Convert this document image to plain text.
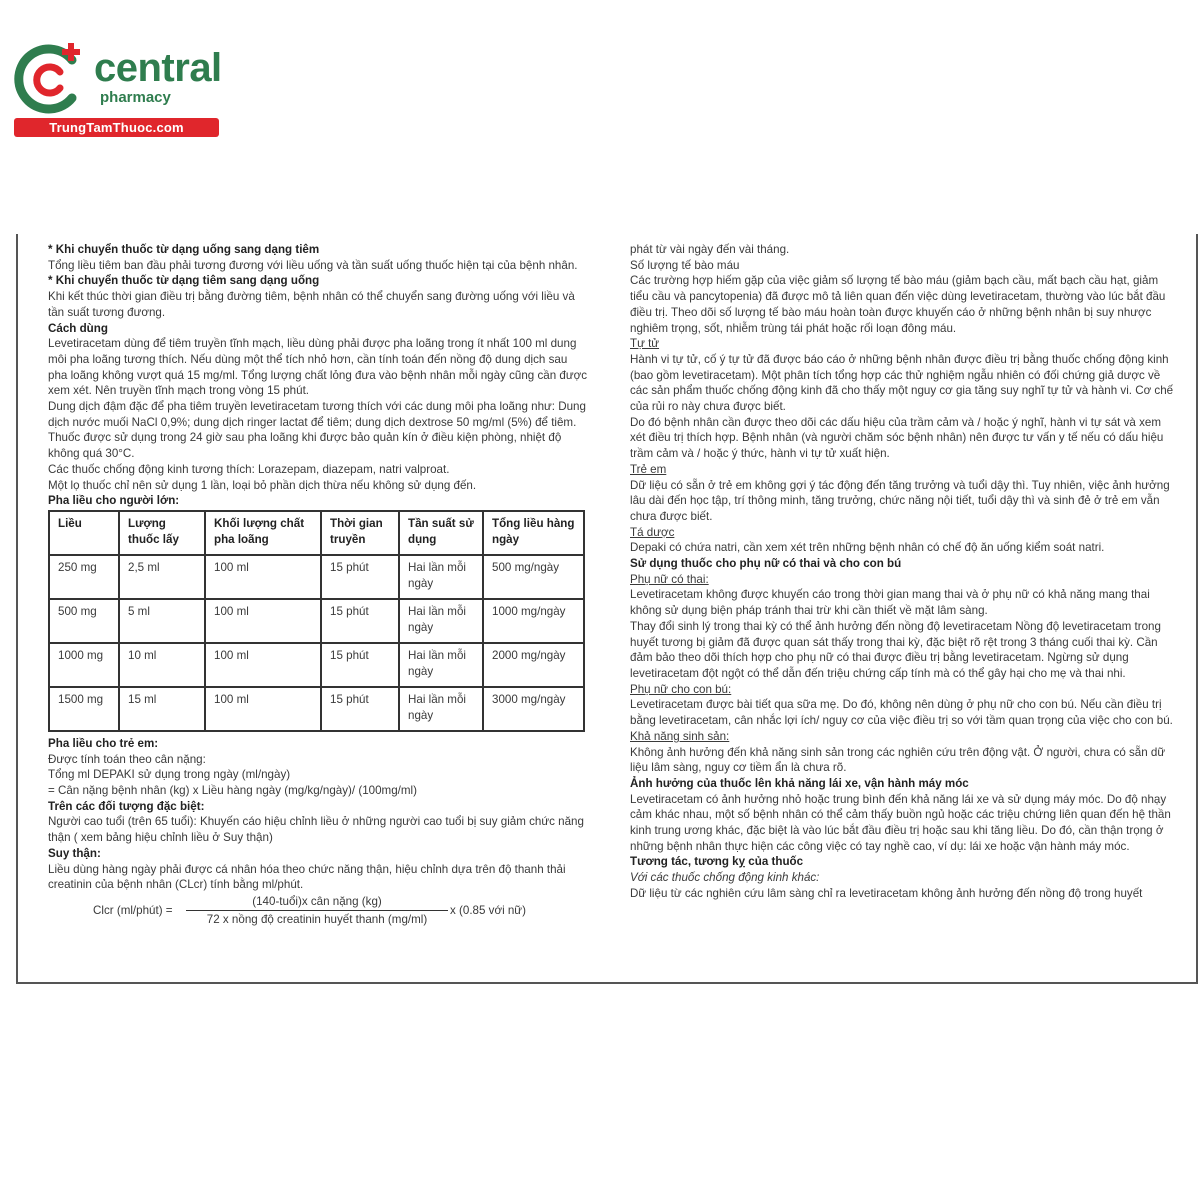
central
pharmacy
TrungTamThuoc.com

* Khi chuyển thuốc từ dạng uống sang dạng tiêm

Tổng liều tiêm ban đầu phải tương đương với liều uống và tần suất uống thuốc hiện tại của bệnh nhân.

* Khi chuyển thuốc từ dạng tiêm sang dạng uống

Khi kết thúc thời gian điều trị bằng đường tiêm, bệnh nhân có thể chuyển sang đường uống với liều và tần suất tương đương.

Cách dùng

Levetiracetam dùng để tiêm truyền tĩnh mạch, liều dùng phải được pha loãng trong ít nhất 100 ml dung môi pha loãng tương thích. Nếu dùng một thể tích nhỏ hơn, cần tính toán đến nồng độ dung dịch sau pha loãng không vượt quá 15 mg/ml. Tổng lượng chất lỏng đưa vào bệnh nhân mỗi ngày cũng cần được xem xét. Nên truyền tĩnh mạch trong vòng 15 phút.

Dung dịch đậm đặc để pha tiêm truyền levetiracetam tương thích với các dung môi pha loãng như: Dung dịch nước muối NaCl 0,9%; dung dịch ringer lactat để tiêm; dung dịch dextrose 50 mg/ml (5%) để tiêm. Thuốc được sử dụng trong 24 giờ sau pha loãng khi được bảo quản kín ở điều kiện phòng, nhiệt độ không quá 30°C.

Các thuốc chống động kinh tương thích: Lorazepam, diazepam, natri valproat.

Một lọ thuốc chỉ nên sử dụng 1 lần, loại bỏ phần dịch thừa nếu không sử dụng đến.

Pha liều cho người lớn:

Liều	Lượng thuốc lấy	Khối lượng chất pha loãng	Thời gian truyền	Tần suất sử dụng	Tổng liều hàng ngày
250 mg	2,5 ml	100 ml	15 phút	Hai lần mỗi ngày	500 mg/ngày
500 mg	5 ml	100 ml	15 phút	Hai lần mỗi ngày	1000 mg/ngày
1000 mg	10 ml	100 ml	15 phút	Hai lần mỗi ngày	2000 mg/ngày
1500 mg	15 ml	100 ml	15 phút	Hai lần mỗi ngày	3000 mg/ngày

Pha liều cho trẻ em:

Được tính toán theo cân nặng:

Tổng ml DEPAKI sử dụng trong ngày (ml/ngày)

= Cân nặng bệnh nhân (kg) x Liều hàng ngày (mg/kg/ngày)/ (100mg/ml)

Trên các đối tượng đặc biệt:

Người cao tuổi (trên 65 tuổi): Khuyến cáo hiệu chỉnh liều ở những người cao tuổi bị suy giảm chức năng thận ( xem bảng hiệu chỉnh liều ở Suy thận)

Suy thận:

Liều dùng hàng ngày phải được cá nhân hóa theo chức năng thận, hiệu chỉnh dựa trên độ thanh thải creatinin của bệnh nhân (CLcr) tính bằng ml/phút.

Clcr (ml/phút) =
(140-tuổi)x cân nặng (kg)
72 x nồng độ creatinin huyết thanh (mg/ml)
x (0.85 với nữ)

phát từ vài ngày đến vài tháng.

Số lượng tế bào máu

Các trường hợp hiếm gặp của việc giảm số lượng tế bào máu (giảm bạch cầu, mất bạch cầu hạt, giảm tiểu cầu và pancytopenia) đã được mô tả liên quan đến việc dùng levetiracetam, thường vào lúc bắt đầu điều trị. Theo dõi số lượng tế bào máu hoàn toàn được khuyến cáo ở những bệnh nhân bị suy nhược nghiêm trọng, sốt, nhiễm trùng tái phát hoặc rối loạn đông máu.

Tự tử

Hành vi tự tử, cố ý tự tử đã được báo cáo ở những bệnh nhân được điều trị bằng thuốc chống động kinh (bao gồm levetiracetam). Một phân tích tổng hợp các thử nghiệm ngẫu nhiên có đối chứng giả dược về các sản phẩm thuốc chống động kinh đã cho thấy một nguy cơ gia tăng suy nghĩ tự tử và hành vi. Cơ chế của rủi ro này chưa được biết.

Do đó bệnh nhân cần được theo dõi các dấu hiệu của trầm cảm và / hoặc ý nghĩ, hành vi tự sát và xem xét điều trị thích hợp. Bệnh nhân (và người chăm sóc bệnh nhân) nên được tư vấn y tế nếu có dấu hiệu trầm cảm và / hoặc ý thức, hành vi tự tử xuất hiện.

Trẻ em

Dữ liệu có sẵn ở trẻ em không gợi ý tác động đến tăng trưởng và tuổi dậy thì. Tuy nhiên, việc ảnh hưởng lâu dài đến học tập, trí thông minh, tăng trưởng, chức năng nội tiết, tuổi dậy thì và sinh đẻ ở trẻ em vẫn chưa được biết.

Tá dược

Depaki có chứa natri, cần xem xét trên những bệnh nhân có chế độ ăn uống kiểm soát natri.

Sử dụng thuốc cho phụ nữ có thai và cho con bú

Phụ nữ có thai:

Levetiracetam không được khuyến cáo trong thời gian mang thai và ở phụ nữ có khả năng mang thai không sử dụng biện pháp tránh thai trừ khi cần thiết về mặt lâm sàng.

Thay đổi sinh lý trong thai kỳ có thể ảnh hưởng đến nồng độ levetiracetam Nồng độ levetiracetam trong huyết tương bị giảm đã được quan sát thấy trong thai kỳ, đặc biệt rõ rệt trong 3 tháng cuối thai kỳ. Cần đảm bảo theo dõi thích hợp cho phụ nữ có thai được điều trị bằng levetiracetam. Ngừng sử dụng levetiracetam đột ngột có thể dẫn đến triệu chứng cấp tính mà có thể gây hại cho mẹ và thai nhi.

Phụ nữ cho con bú:

Levetiracetam được bài tiết qua sữa mẹ. Do đó, không nên dùng ở phụ nữ cho con bú. Nếu cần điều trị bằng levetiracetam, cân nhắc lợi ích/ nguy cơ của việc điều trị so với tầm quan trọng của việc cho con bú.

Khả năng sinh sản:

Không ảnh hưởng đến khả năng sinh sản trong các nghiên cứu trên động vật. Ở người, chưa có sẵn dữ liệu lâm sàng, nguy cơ tiềm ẩn là chưa rõ.

Ảnh hưởng của thuốc lên khả năng lái xe, vận hành máy móc

Levetiracetam có ảnh hưởng nhỏ hoặc trung bình đến khả năng lái xe và sử dụng máy móc. Do độ nhạy cảm khác nhau, một số bệnh nhân có thể cảm thấy buồn ngủ hoặc các triệu chứng liên quan đến hệ thần kinh trung ương khác, đặc biệt là vào lúc bắt đầu điều trị hoặc sau khi tăng liều. Do đó, cần thận trọng ở những bệnh nhân thực hiện các công việc có tay nghề cao, ví dụ: lái xe hoặc vận hành máy móc.

Tương tác, tương kỵ của thuốc

Với các thuốc chống động kinh khác:

Dữ liệu từ các nghiên cứu lâm sàng chỉ ra levetiracetam không ảnh hưởng đến nồng độ trong huyết
